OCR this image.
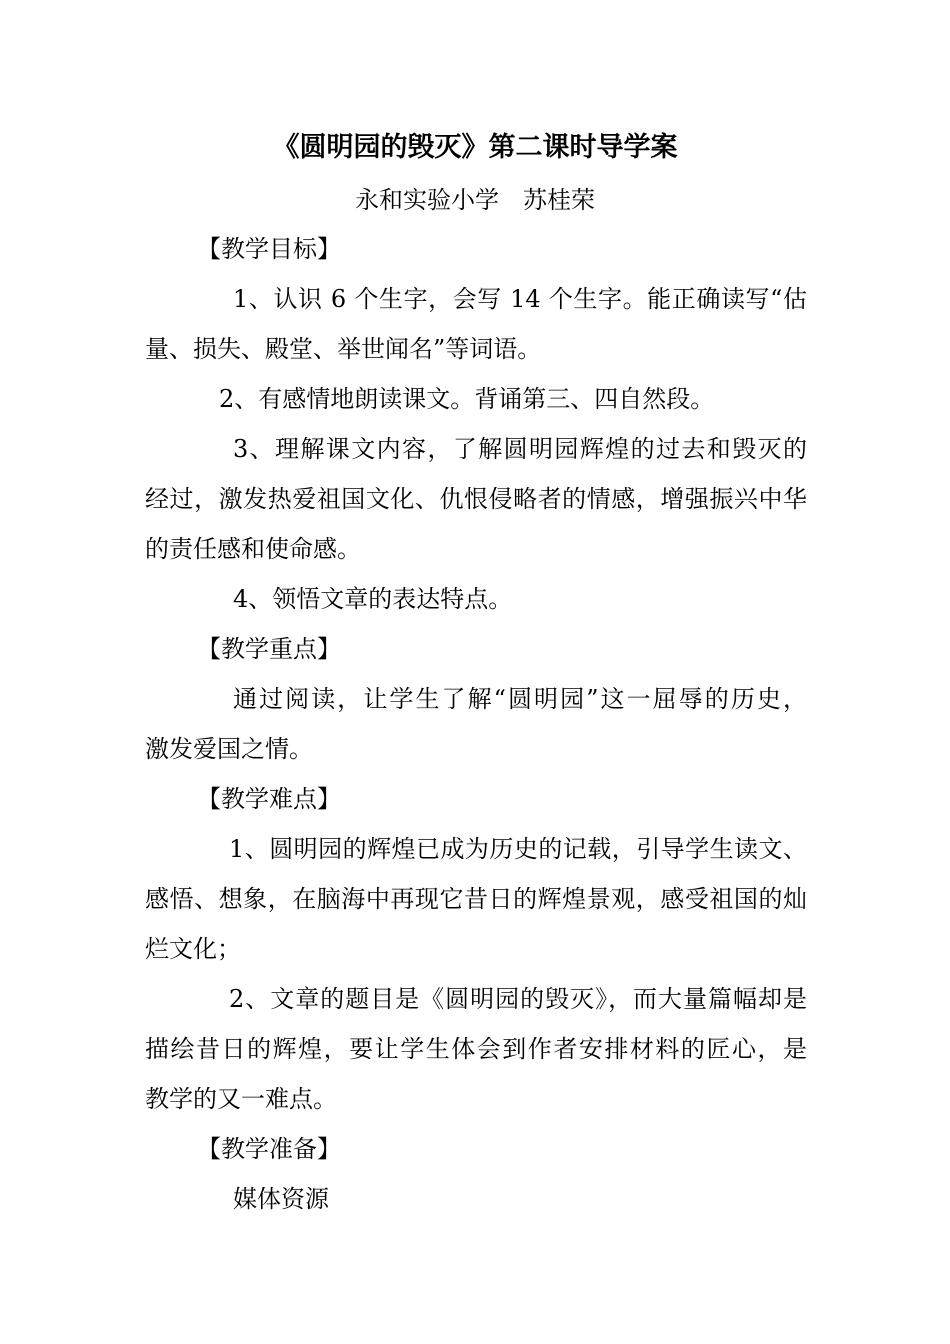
《圆明园的毁灭》第二课时导学案
永和实验小学　苏桂荣
【教学目标】
1、认识 6 个生字，会写 14 个生字。能正确读写“估
量、损失、殿堂、举世闻名”等词语。
2、有感情地朗读课文。背诵第三、四自然段。
3、理解课文内容，了解圆明园辉煌的过去和毁灭的
经过，激发热爱祖国文化、仇恨侵略者的情感，增强振兴中华
的责任感和使命感。
4、领悟文章的表达特点。
【教学重点】
通过阅读，让学生了解“圆明园”这一屈辱的历史，
激发爱国之情。
【教学难点】
1、圆明园的辉煌已成为历史的记载，引导学生读文、
感悟、想象，在脑海中再现它昔日的辉煌景观，感受祖国的灿
烂文化；
2、文章的题目是《圆明园的毁灭》，而大量篇幅却是
描绘昔日的辉煌，要让学生体会到作者安排材料的匠心，是
教学的又一难点。
【教学准备】
媒体资源
